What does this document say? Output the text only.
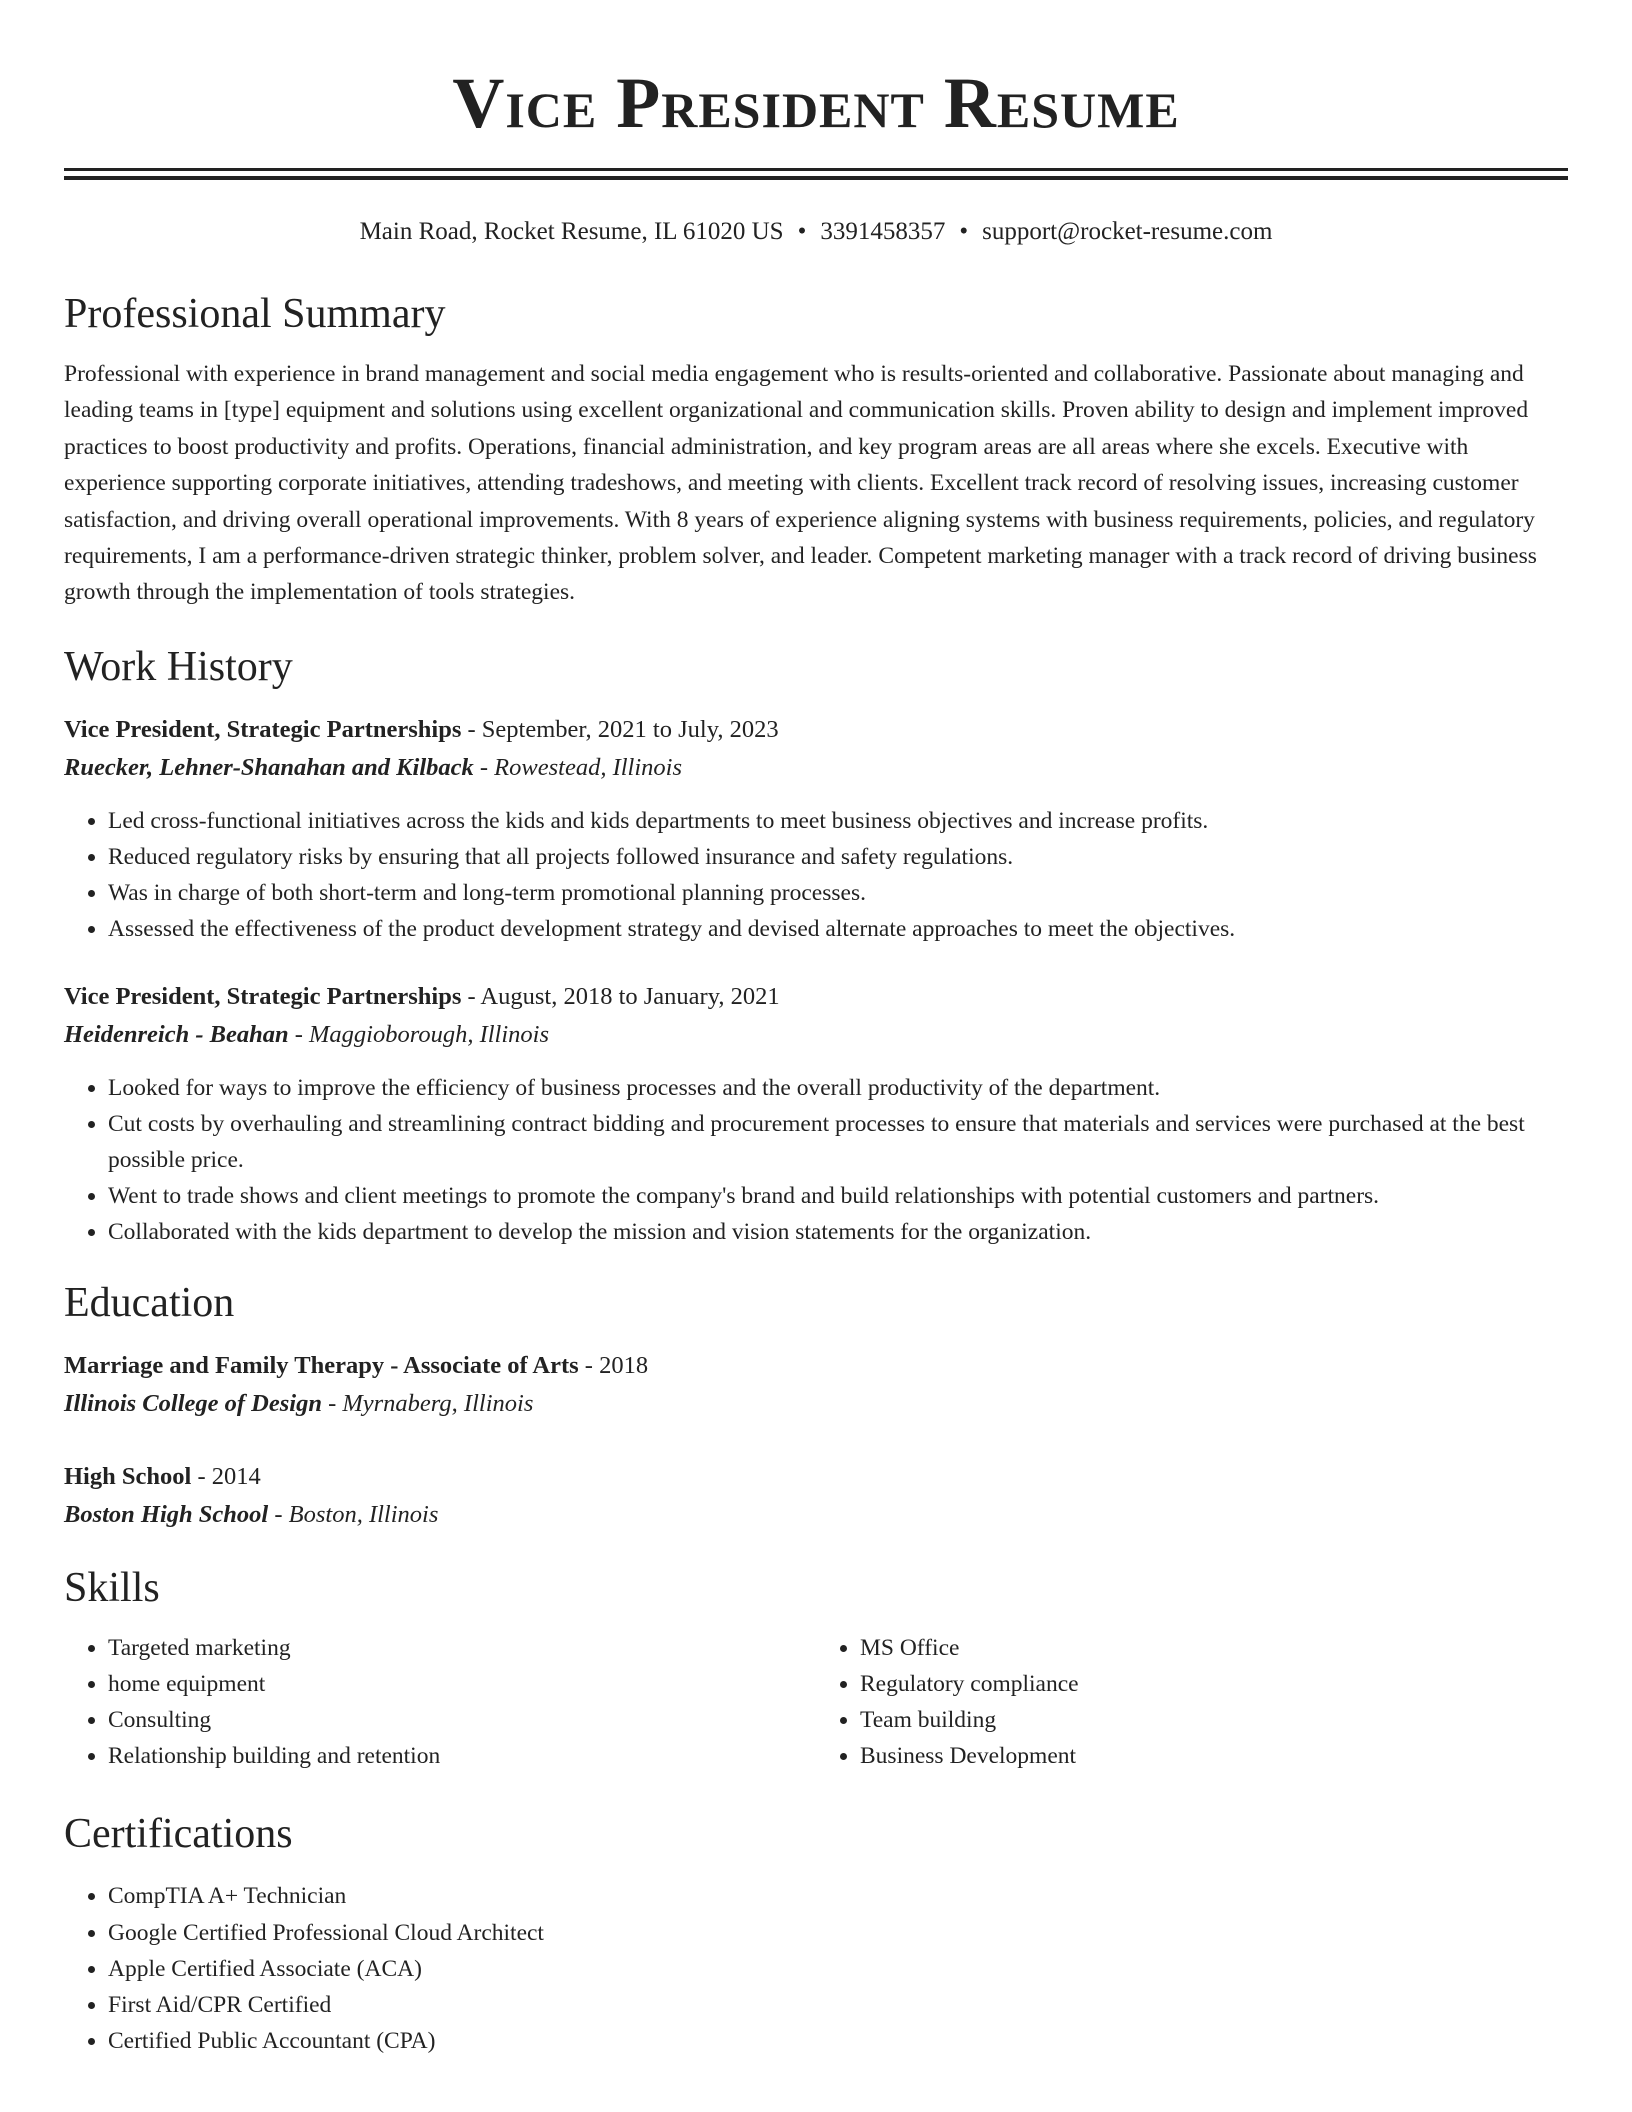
Vice President Resume
Main Road, Rocket Resume, IL 61020 US • 3391458357 • support@rocket-resume.com
Professional Summary

Professional with experience in brand management and social media engagement who is results-oriented and collaborative. Passionate about managing and leading teams in [type] equipment and solutions using excellent organizational and communication skills. Proven ability to design and implement improved practices to boost productivity and profits. Operations, financial administration, and key program areas are all areas where she excels. Executive with experience supporting corporate initiatives, attending tradeshows, and meeting with clients. Excellent track record of resolving issues, increasing customer satisfaction, and driving overall operational improvements. With 8 years of experience aligning systems with business requirements, policies, and regulatory requirements, I am a performance-driven strategic thinker, problem solver, and leader. Competent marketing manager with a track record of driving business growth through the implementation of tools strategies.

Work History
Vice President, Strategic Partnerships - September, 2021 to July, 2023
Ruecker, Lehner-Shanahan and Kilback - Rowestead, Illinois
• Led cross-functional initiatives across the kids and kids departments to meet business objectives and increase profits.
• Reduced regulatory risks by ensuring that all projects followed insurance and safety regulations.
• Was in charge of both short-term and long-term promotional planning processes.
• Assessed the effectiveness of the product development strategy and devised alternate approaches to meet the objectives.
Vice President, Strategic Partnerships - August, 2018 to January, 2021
Heidenreich - Beahan - Maggioborough, Illinois
• Looked for ways to improve the efficiency of business processes and the overall productivity of the department.
• Cut costs by overhauling and streamlining contract bidding and procurement processes to ensure that materials and services were purchased at the best possible price.
• Went to trade shows and client meetings to promote the company's brand and build relationships with potential customers and partners.
• Collaborated with the kids department to develop the mission and vision statements for the organization.
Education
Marriage and Family Therapy - Associate of Arts - 2018
Illinois College of Design - Myrnaberg, Illinois
High School - 2014
Boston High School - Boston, Illinois
Skills
• Targeted marketing
• home equipment
• Consulting
• Relationship building and retention
• MS Office
• Regulatory compliance
• Team building
• Business Development
Certifications
• CompTIA A+ Technician
• Google Certified Professional Cloud Architect
• Apple Certified Associate (ACA)
• First Aid/CPR Certified
• Certified Public Accountant (CPA)
